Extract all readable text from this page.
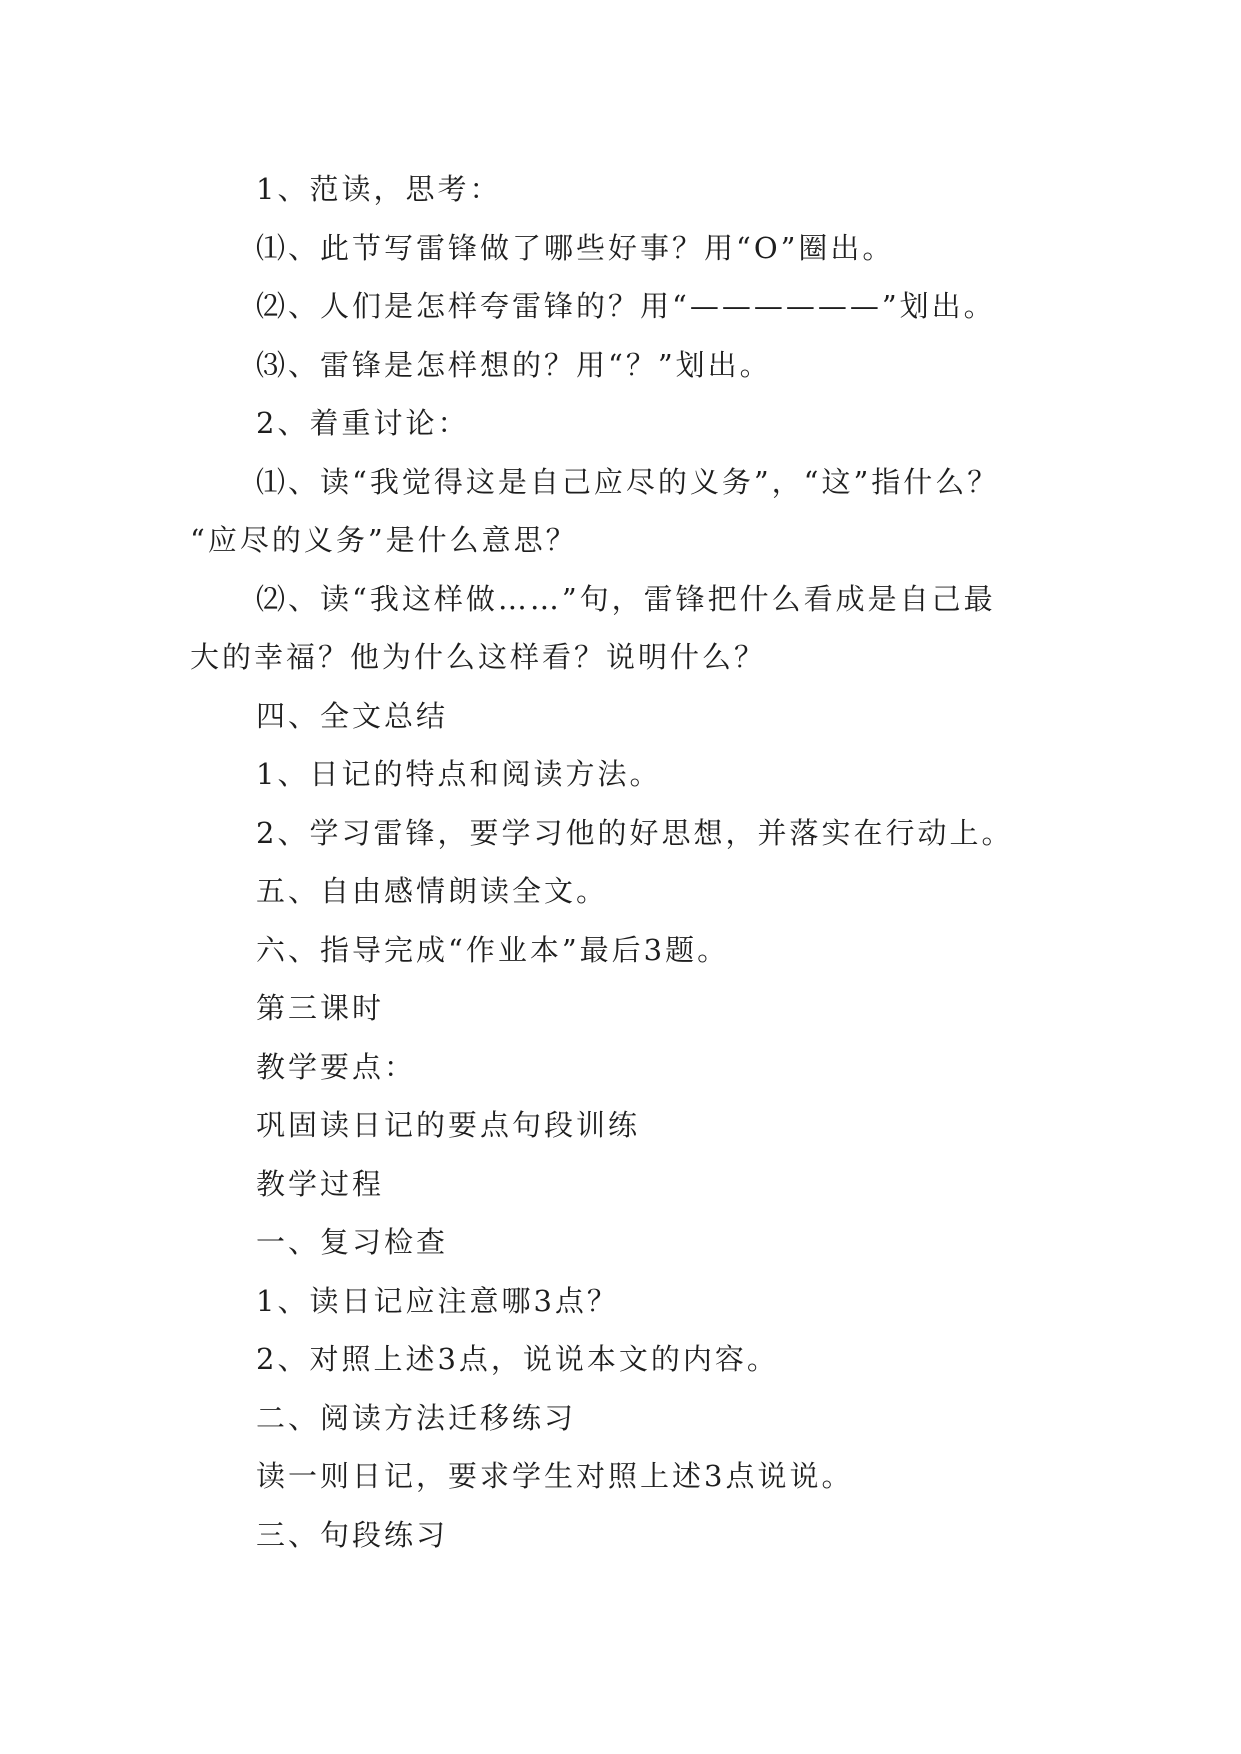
1、范读，思考：

⑴、此节写雷锋做了哪些好事？用“O”圈出。

⑵、人们是怎样夸雷锋的？用“——————”划出。

⑶、雷锋是怎样想的？用“？”划出。

2、着重讨论：

⑴、读“我觉得这是自己应尽的义务”，“这”指什么？

“应尽的义务”是什么意思？

⑵、读“我这样做……”句，雷锋把什么看成是自己最

大的幸福？他为什么这样看？说明什么？

四、全文总结

1、日记的特点和阅读方法。

2、学习雷锋，要学习他的好思想，并落实在行动上。

五、自由感情朗读全文。

六、指导完成“作业本”最后3题。

第三课时

教学要点：

巩固读日记的要点句段训练

教学过程

一、复习检查

1、读日记应注意哪3点？

2、对照上述3点，说说本文的内容。

二、阅读方法迁移练习

读一则日记，要求学生对照上述3点说说。

三、句段练习
